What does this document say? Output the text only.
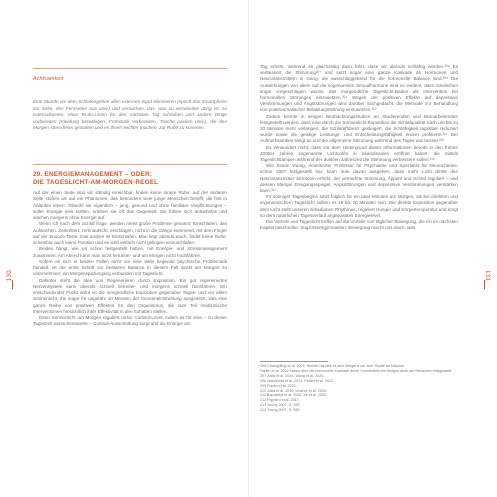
Achtsamkeit
Eine Stunde vor dem Schlafengehen allen externen Input eliminieren (sprich das Smartphone zur Seite, den Fernseher aus usw.) und versuchen, das, was zu verarbeiten übrig ist, zu externalisieren, etwa To-do-Listen für den nächsten Tag schreiben und andere Dinge vorbereiten (Kleidung bereitlegen, Frühstück vorbereiten, Tasche packen usw.), die den Morgen stressfreier gestalten und es Ihnen leichter machen, zur Ruhe zu kommen.
29. ENERGIEMANAGEMENT – ODER:
DIE TAGESLICHT-AM-MORGEN-REGEL

Auf der einen Seite sind wir ständig erreichbar, finden keine innere Ruhe, auf der anderen Seite stoßen wir auf ein Phänomen, das besonders viele junge Menschen betrifft, die fest in Abläufen leben: Obwohl sie eigentlich – jung, gesund und ohne familiäre Verpflichtungen – voller Energie sein sollten, erleben sie oft das Gegenteil: Sie fühlen sich antriebslos und wachen morgens ohne Energie auf.

Wenn ich nach dem Schlaf frage, werden meist große Probleme genannt: Einschlafen, das Aufwachen. Zerknittert, zerknautscht, erschlagen, nicht in die Gänge kommend, mit dem Finger auf der Snooze-Taste. Das andere ist Einschlafen. Man liegt abends wach, findet keine Ruhe, scheinbar auch keine Position und es wird einfach nicht gelingen einzuschlafen.

Beides hängt, wie wir schon festgestellt haben, mit Energie- und Stressmanagement zusammen. Am Abend kann man nicht herunter- und am Morgen nicht hochfahren.

Sofern es sich in beiden Fällen nicht um eine tiefer liegende psychische Problematik handelt, ist der erste Schritt zur besseren Balance in diesem Fall direkt am Morgen zu unternehmen: ein Morgenspaziergang verbunden mit Tageslicht.

Dahinter steht die Idee von Regenerieren durch Exposition. Ein gut regeneriertes Nervensystem kann abends schnell herunter- und morgens schnell hochfahren. Ein entscheidender Punkt dafür ist die morgendliche Exposition gegenüber Tages- und vor allem Sonnenlicht, the sogar für ungefähr 10 Minuten der Sonneneinstrahlung ausgesetzt, was eine ganze Reihe von positiven Effekten für den Organismus, die zum Teil medizinische Interventionen hinsichtlich ihrer Effektivität in den Schatten stellen.

Denn Sonnenlicht am Morgen reguliert unser Cortisol-Level, indem es für eine – zu dieser Tageszeit wünschenswerte – Cortisol-Ausschüttung sorgt und die Energie am

130

Tag erhöht, während es gleichzeitig dazu führt, dass wir abends schläfrig werden.²⁰⁶ Es verbessert die Stimmung²⁰⁷ und setzt sogar eine ganze Kaskade an Hormonen und Neurotransmittern in Gang, die ausschlaggebend für die hormonelle Balance sind.²⁰⁸ Die Auswirkungen von allem auf die sogenannten Sexualhormone sind so evident, dass inzwischen sogar vorgeschlagen wurde, das morgendliche Tageslicht-Baden als Intervention bei hormonellen Störungen einzusetzen.²⁰⁹ Wegen der positiven Effekte auf depressive Verstimmungen und Angststörungen wird darüber nachgedacht, die Methode zur Behandlung von posttraumatischer Belastungsstörung einzusetzen.²¹⁰

Zudem konnte in einigen Beobachtungsstudien an Studierenden und Büroarbeitenden festgestellt werden, dass eine durch die Sonnenlicht-Exposition die Schlafqualität nach um bis zu 20 Minuten mehr verlängert, die Schlafeffizienz gesteigert, die Schläfrigkeit tagsüber reduziert wurde sowie die geistige Leistungs- und Entscheidungsfähigkeit enorm profitierte.²¹¹ Der Aufmerksamkeit steigt an und die allgemeine Stimmung während des Tages war besser.²¹²

Es verwundert nicht, dass vor dem Hintergrund dieser Informationen bereits in den frühen 2000er Jahren sogenannte Lichtcafés in Skandinavien eröffnet haben, die mittels Tageslichtlampen während der dunklen Jahreszeit die Stimmung verbessern sollen.²¹³

Wie Simon Young, emeritierter Professor für Psychiatrie und Spezialist für Neurochemie, schon 2007 festgestellt hat, kann man davon ausgehen, dass mehr Licht direkt den Neurotransmitter Serotonin erhöht, der vermehrte Stimmung, Appetit und Schlaf reguliert – und dessen Mangel Erregungsspiegel, Angststörungen und depressive Verstimmungen verstärken kann.²¹⁴

Ihr sonniger Tagesbeginn setzt folglich für ein paar Minuten am Morgen, als bei direktem und ergonomischem Tageslicht sollten es 15 bis 20 Minuten sein. Die direkte Exposition gegenüber dem Licht stellt unseren zirkadianen Rhythmus, reguliert Hunger und Körpertemperatur und sorgt so dem natürlichen Tagesverlauf angepasstes Energielevel.

Die Vorteile von Tageslicht treffen auf die Vorteile von täglicher Bewegung, die ich im nächsten Kapitel beschreibe: Zugzimmergymnasten: Bewegung macht uns wach, was

206 Chiang/Bog et al. 2022. Hierbei handelt es sich übrigens um eine Studie an Mäusen.

Parikh et al. 2022 haben über die hormonelle Kaskade durch Sonnenlicht am Morgen auch am Menschen festgestellt.

207 Zalla et al. 2019, Wang et al. 2020.

208 Nadzenda et al. 2021, Parikh et al. 2022.

209 Parikh et al. 2021.

210 Zalla et al. 2019, Lindner et al. 2020.

211 Baudzelyt et al. 2020, Xe et al. 2022.

212 Figueiro et al. 2017.

213 Young 2007, S. 395.

214 Young 2007, S. 395.

131
